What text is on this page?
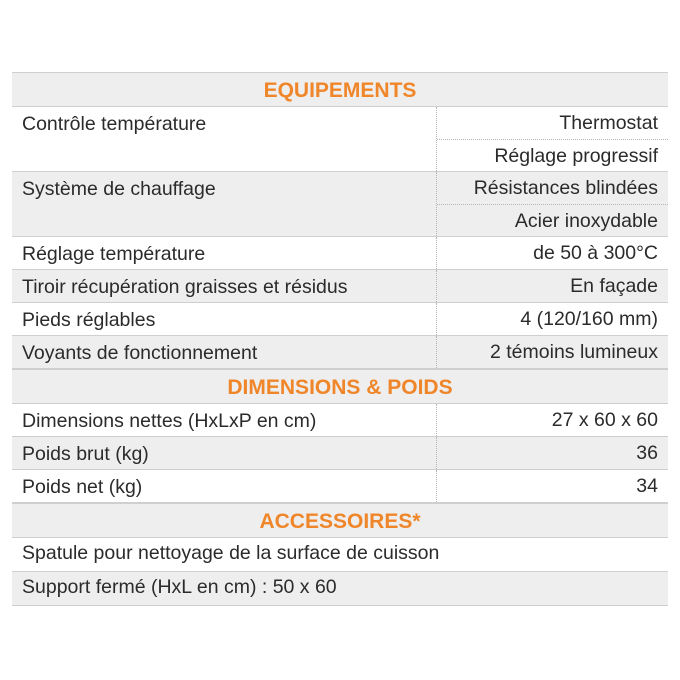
EQUIPEMENTS
Contrôle température	Thermostat
Réglage progressif
Système de chauffage	Résistances blindées
Acier inoxydable
Réglage température	de 50 à 300°C
Tiroir récupération graisses et résidus	En façade
Pieds réglables	4 (120/160 mm)
Voyants de fonctionnement	2 témoins lumineux
DIMENSIONS & POIDS
Dimensions nettes (HxLxP en cm)	27 x 60 x 60
Poids brut (kg)	36
Poids net (kg)	34
ACCESSOIRES*
Spatule pour nettoyage de la surface de cuisson
Support fermé (HxL en cm) : 50 x 60
